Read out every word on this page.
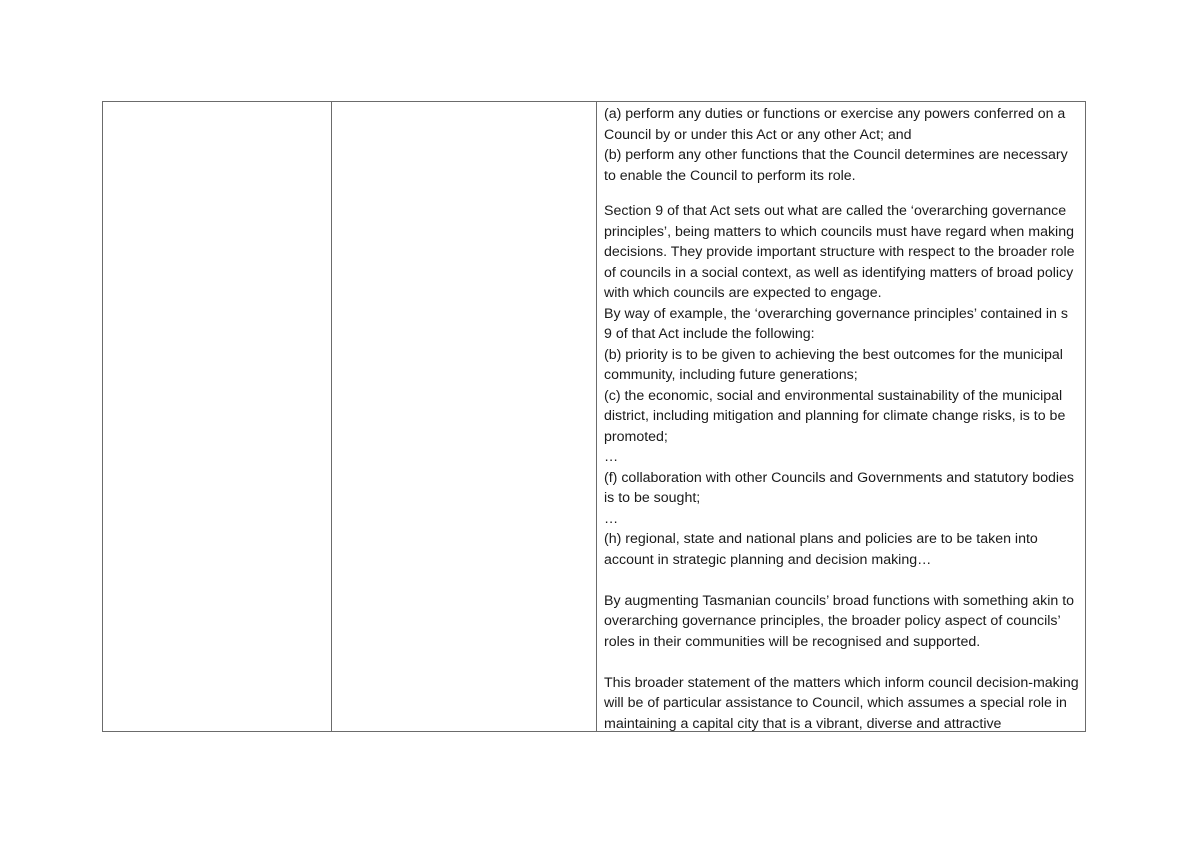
(a) perform any duties or functions or exercise any powers conferred on a Council by or under this Act or any other Act; and

(b) perform any other functions that the Council determines are necessary to enable the Council to perform its role.

Section 9 of that Act sets out what are called the ‘overarching governance principles’, being matters to which councils must have regard when making decisions. They provide important structure with respect to the broader role of councils in a social context, as well as identifying matters of broad policy with which councils are expected to engage.

By way of example, the ‘overarching governance principles’ contained in s 9 of that Act include the following:

(b) priority is to be given to achieving the best outcomes for the municipal community, including future generations;

(c) the economic, social and environmental sustainability of the municipal district, including mitigation and planning for climate change risks, is to be promoted;

…

(f) collaboration with other Councils and Governments and statutory bodies is to be sought;

…

(h) regional, state and national plans and policies are to be taken into account in strategic planning and decision making…

By augmenting Tasmanian councils’ broad functions with something akin to overarching governance principles, the broader policy aspect of councils’ roles in their communities will be recognised and supported.

This broader statement of the matters which inform council decision-making will be of particular assistance to Council, which assumes a special role in maintaining a capital city that is a vibrant, diverse and attractive
